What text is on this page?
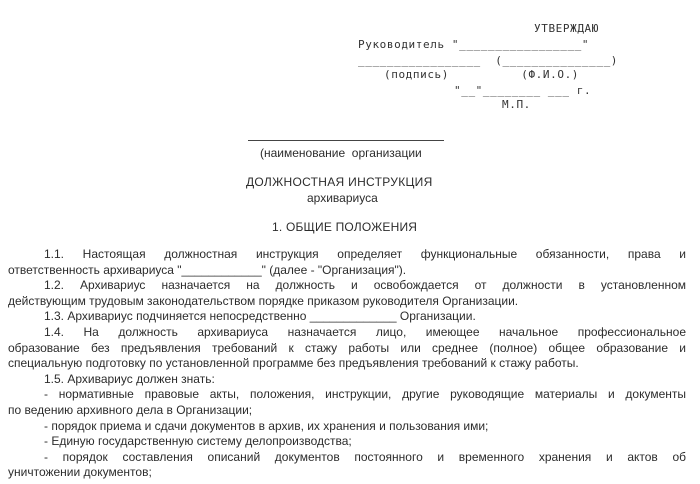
УТВЕРЖДАЮ
Руководитель "_________________"
_________________  (_______________)
(подпись)          (Ф.И.О.)
"__"________ ___ г.
М.П.
(наименование  организации
ДОЛЖНОСТНАЯ ИНСТРУКЦИЯ
архивариуса
1. ОБЩИЕ ПОЛОЖЕНИЯ
1.1. Настоящая должностная инструкция определяет функциональные обязанности, права и
ответственность архивариуса "____________" (далее - "Организация").
1.2. Архивариус назначается на должность и освобождается от должности в установленном
действующим трудовым законодательством порядке приказом руководителя Организации.
1.3. Архивариус подчиняется непосредственно _____________ Организации.
1.4. На должность архивариуса назначается лицо, имеющее начальное профессиональное
образование без предъявления требований к стажу работы или среднее (полное) общее образование и
специальную подготовку по установленной программе без предъявления требований к стажу работы.
1.5. Архивариус должен знать:
- нормативные правовые акты, положения, инструкции, другие руководящие материалы и документы
по ведению архивного дела в Организации;
- порядок приема и сдачи документов в архив, их хранения и пользования ими;
- Единую государственную систему делопроизводства;
- порядок составления описаний документов постоянного и временного хранения и актов об
уничтожении документов;
